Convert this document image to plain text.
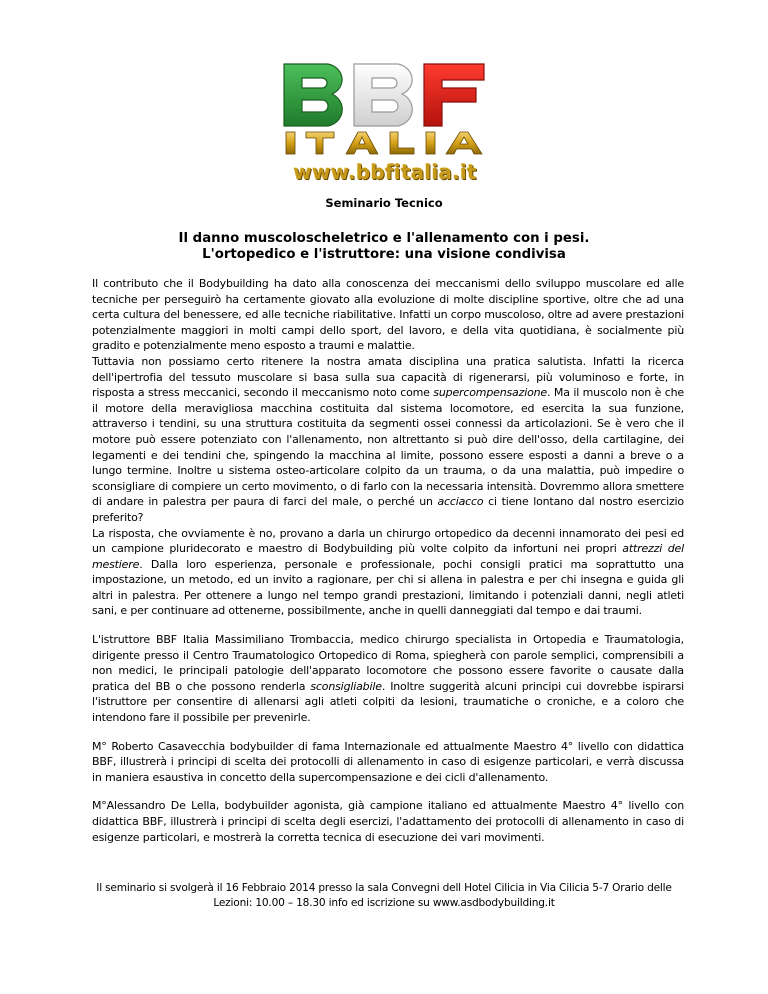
www.bbfitalia.it
Seminario Tecnico
Il danno muscoloscheletrico e l'allenamento con i pesi.
L'ortopedico e l'istruttore: una visione condivisa

Il contributo che il Bodybuilding ha dato alla conoscenza dei meccanismi dello sviluppo muscolare ed alle tecniche per perseguirò ha certamente giovato alla evoluzione di molte discipline sportive, oltre che ad una certa cultura del benessere, ed alle tecniche riabilitative. Infatti un corpo muscoloso, oltre ad avere prestazioni potenzialmente maggiori in molti campi dello sport, del lavoro, e della vita quotidiana, è socialmente più gradito e potenzialmente meno esposto a traumi e malattie.

Tuttavia non possiamo certo ritenere la nostra amata disciplina una pratica salutista. Infatti la ricerca dell'ipertrofia del tessuto muscolare si basa sulla sua capacità di rigenerarsi, più voluminoso e forte, in risposta a stress meccanici, secondo il meccanismo noto come supercompensazione. Ma il muscolo non è che il motore della meravigliosa macchina costituita dal sistema locomotore, ed esercita la sua funzione, attraverso i tendini, su una struttura costituita da segmenti ossei connessi da articolazioni. Se è vero che il motore può essere potenziato con l'allenamento, non altrettanto si può dire dell'osso, della cartilagine, dei legamenti e dei tendini che, spingendo la macchina al limite, possono essere esposti a danni a breve o a lungo termine. Inoltre u sistema osteo-articolare colpito da un trauma, o da una malattia, può impedire o sconsigliare di compiere un certo movimento, o di farlo con la necessaria intensità. Dovremmo allora smettere di andare in palestra per paura di farci del male, o perché un acciacco ci tiene lontano dal nostro esercizio preferito?

La risposta, che ovviamente è no, provano a darla un chirurgo ortopedico da decenni innamorato dei pesi ed un campione pluridecorato e maestro di Bodybuilding più volte colpito da infortuni nei propri attrezzi del mestiere. Dalla loro esperienza, personale e professionale, pochi consigli pratici ma soprattutto una impostazione, un metodo, ed un invito a ragionare, per chi si allena in palestra e per chi insegna e guida gli altri in palestra. Per ottenere a lungo nel tempo grandi prestazioni, limitando i potenziali danni, negli atleti sani, e per continuare ad ottenerne, possibilmente, anche in quelli danneggiati dal tempo e dai traumi.

L'istruttore BBF Italia Massimiliano Trombaccia, medico chirurgo specialista in Ortopedia e Traumatologia, dirigente presso il Centro Traumatologico Ortopedico di Roma, spiegherà con parole semplici, comprensibili a non medici, le principali patologie dell'apparato locomotore che possono essere favorite o causate dalla pratica del BB o che possono renderla sconsigliabile. Inoltre suggerità alcuni principi cui dovrebbe ispirarsi l'istruttore per consentire di allenarsi agli atleti colpiti da lesioni, traumatiche o croniche, e a coloro che intendono fare il possibile per prevenirle.

M° Roberto Casavecchia bodybuilder di fama Internazionale ed attualmente Maestro 4° livello con didattica BBF, illustrerà i principi di scelta dei protocolli di allenamento in caso di esigenze particolari, e verrà discussa in maniera esaustiva in concetto della supercompensazione e dei cicli d'allenamento.

M°Alessandro De Lella, bodybuilder agonista, già campione italiano ed attualmente Maestro 4° livello con didattica BBF, illustrerà i principi di scelta degli esercizi, l'adattamento dei protocolli di allenamento in caso di esigenze particolari, e mostrerà la corretta tecnica di esecuzione dei vari movimenti.

Il seminario si svolgerà il 16 Febbraio 2014 presso la sala Convegni dell Hotel Cilicia in Via Cilicia 5-7 Orario delle
Lezioni: 10.00 – 18.30 info ed iscrizione su www.asdbodybuilding.it
